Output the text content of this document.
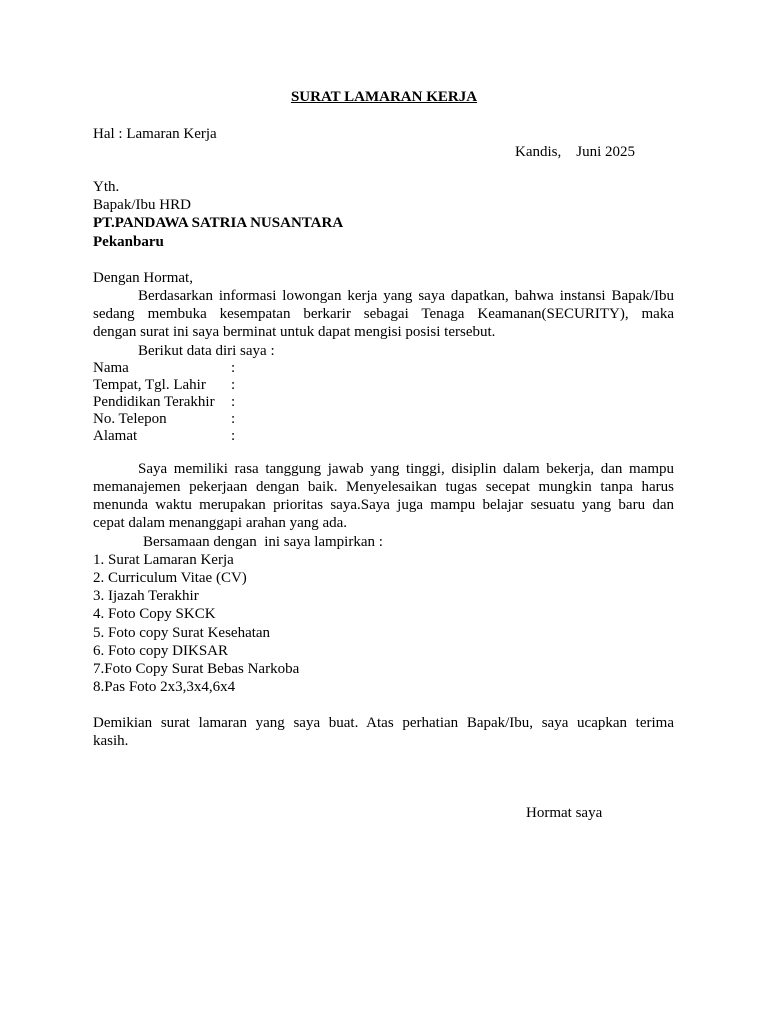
SURAT LAMARAN KERJA
Hal : Lamaran Kerja
Kandis,    Juni 2025
Yth.
Bapak/Ibu HRD
PT.PANDAWA SATRIA NUSANTARA
Pekanbaru
Dengan Hormat,
Berdasarkan informasi lowongan kerja yang saya dapatkan, bahwa instansi Bapak/Ibu
sedang membuka kesempatan berkarir sebagai Tenaga Keamanan(SECURITY), maka
dengan surat ini saya berminat untuk dapat mengisi posisi tersebut.
Berikut data diri saya :
Nama	:
Tempat, Tgl. Lahir :
Pendidikan Terakhir :
No. Telepon	:
Alamat	:
Saya memiliki rasa tanggung jawab yang tinggi, disiplin dalam bekerja, dan mampu
memanajemen pekerjaan dengan baik. Menyelesaikan tugas secepat mungkin tanpa harus
menunda waktu merupakan prioritas saya.Saya juga mampu belajar sesuatu yang baru dan
cepat dalam menanggapi arahan yang ada.
Bersamaan dengan  ini saya lampirkan :
1. Surat Lamaran Kerja
2. Curriculum Vitae (CV)
3. Ijazah Terakhir
4. Foto Copy SKCK
5. Foto copy Surat Kesehatan
6. Foto copy DIKSAR
7.Foto Copy Surat Bebas Narkoba
8.Pas Foto 2x3,3x4,6x4
Demikian surat lamaran yang saya buat. Atas perhatian Bapak/Ibu, saya ucapkan terima
kasih.
Hormat saya
